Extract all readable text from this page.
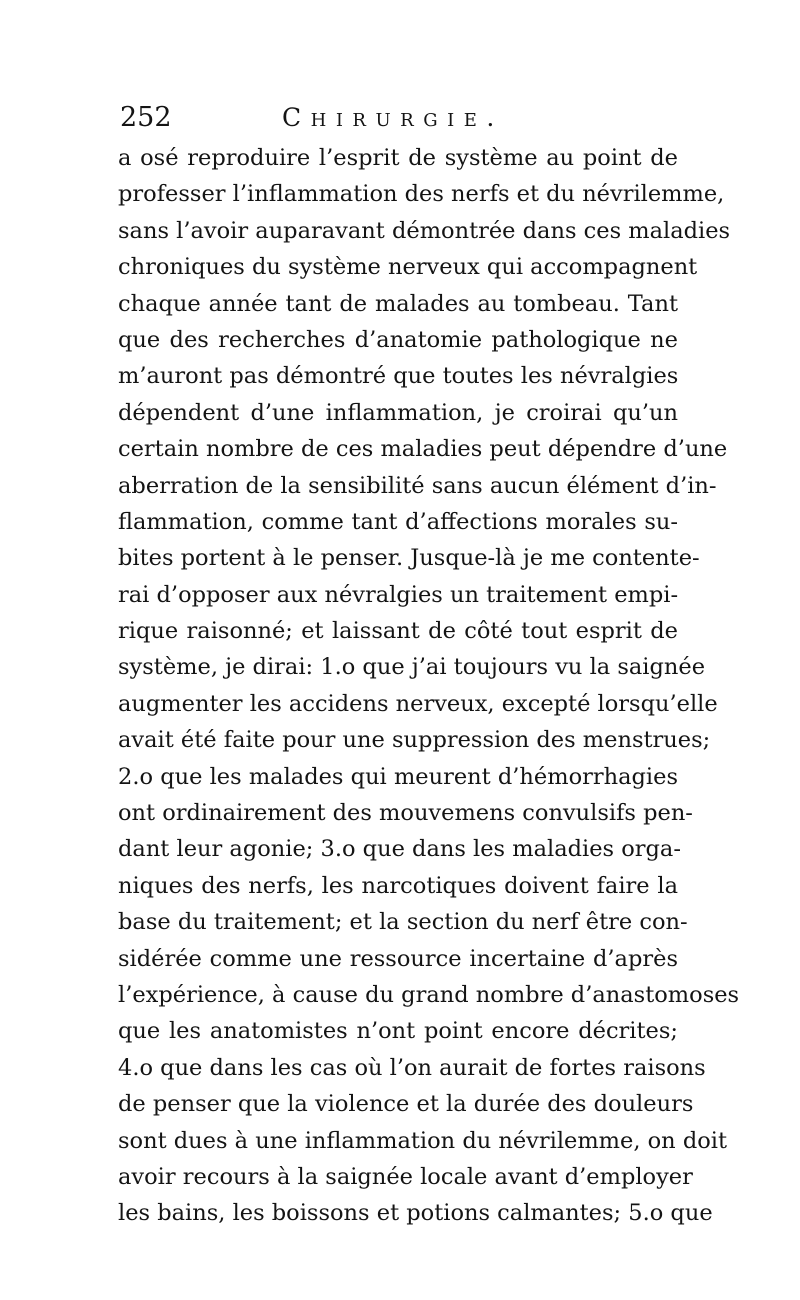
252	Chirurgie.
a osé reproduire l’esprit de système au point de
professer l’inflammation des nerfs et du névrilemme,
sans l’avoir auparavant démontrée dans ces maladies
chroniques du système nerveux qui accompagnent
chaque année tant de malades au tombeau. Tant
que des recherches d’anatomie pathologique ne
m’auront pas démontré que toutes les névralgies
dépendent d’une inflammation, je croirai qu’un
certain nombre de ces maladies peut dépendre d’une
aberration de la sensibilité sans aucun élément d’in-
flammation, comme tant d’affections morales su-
bites portent à le penser. Jusque-là je me contente-
rai d’opposer aux névralgies un traitement empi-
rique raisonné; et laissant de côté tout esprit de
système, je dirai: 1.o que j’ai toujours vu la saignée
augmenter les accidens nerveux, excepté lorsqu’elle
avait été faite pour une suppression des menstrues;
2.o que les malades qui meurent d’hémorrhagies
ont ordinairement des mouvemens convulsifs pen-
dant leur agonie; 3.o que dans les maladies orga-
niques des nerfs, les narcotiques doivent faire la
base du traitement; et la section du nerf être con-
sidérée comme une ressource incertaine d’après
l’expérience, à cause du grand nombre d’anastomoses
que les anatomistes n’ont point encore décrites;
4.o que dans les cas où l’on aurait de fortes raisons
de penser que la violence et la durée des douleurs
sont dues à une inflammation du névrilemme, on doit
avoir recours à la saignée locale avant d’employer
les bains, les boissons et potions calmantes; 5.o que
